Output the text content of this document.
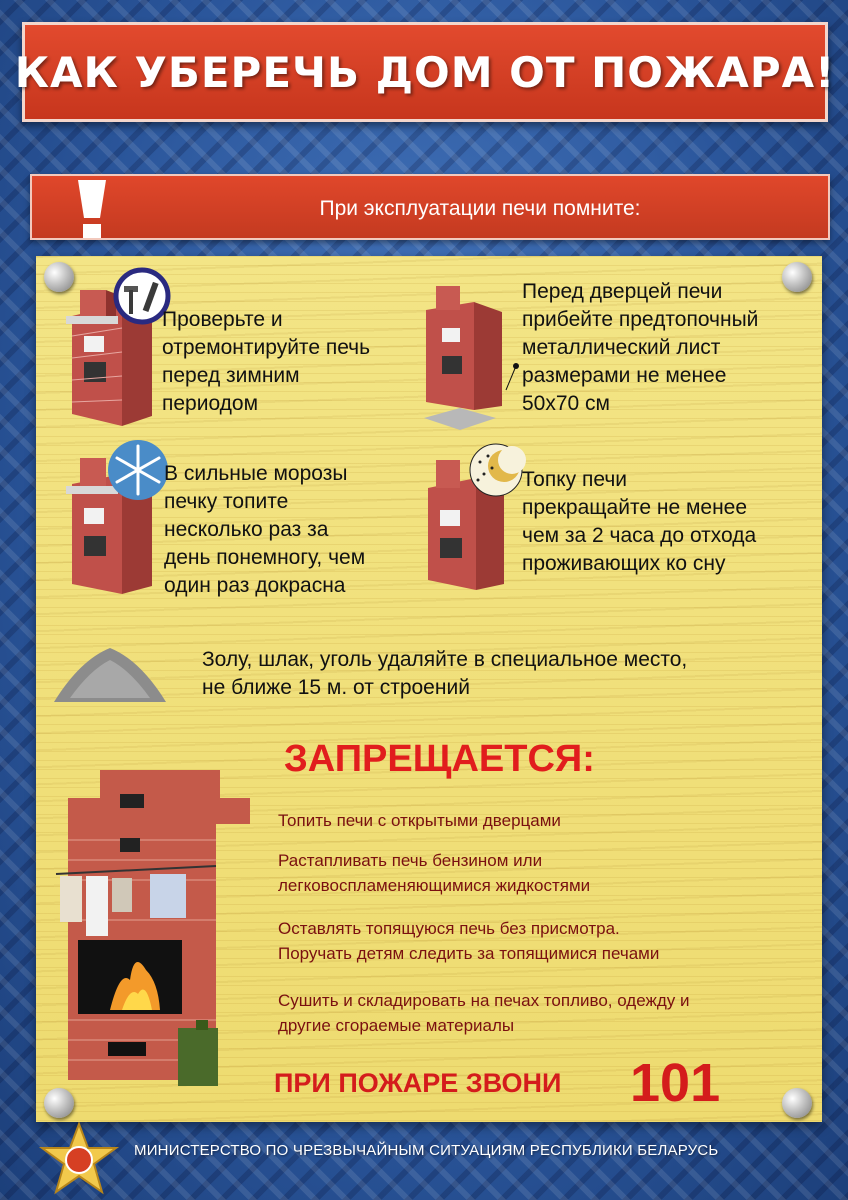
КАК УБЕРЕЧЬ ДОМ ОТ ПОЖАРА!
При эксплуатации печи помните:
Проверьте и
отремонтируйте печь
перед зимним
периодом
Перед дверцей печи
прибейте предтопочный
металлический лист
размерами не менее
50х70 см
В сильные морозы
печку топите
несколько раз за
день понемногу, чем
один раз докрасна
Топку печи
прекращайте не менее
чем за 2 часа до отхода
проживающих ко сну
Золу, шлак, уголь удаляйте в специальное место,
не ближе 15 м. от строений
ЗАПРЕЩАЕТСЯ:
Топить печи с открытыми дверцами
Растапливать печь бензином или
легковоспламеняющимися жидкостями
Оставлять топящуюся печь без присмотра.
Поручать детям следить за топящимися печами
Сушить и складировать на печах топливо, одежду и
другие сгораемые материалы
ПРИ ПОЖАРЕ ЗВОНИ 101
МИНИСТЕРСТВО ПО ЧРЕЗВЫЧАЙНЫМ СИТУАЦИЯМ РЕСПУБЛИКИ БЕЛАРУСЬ
